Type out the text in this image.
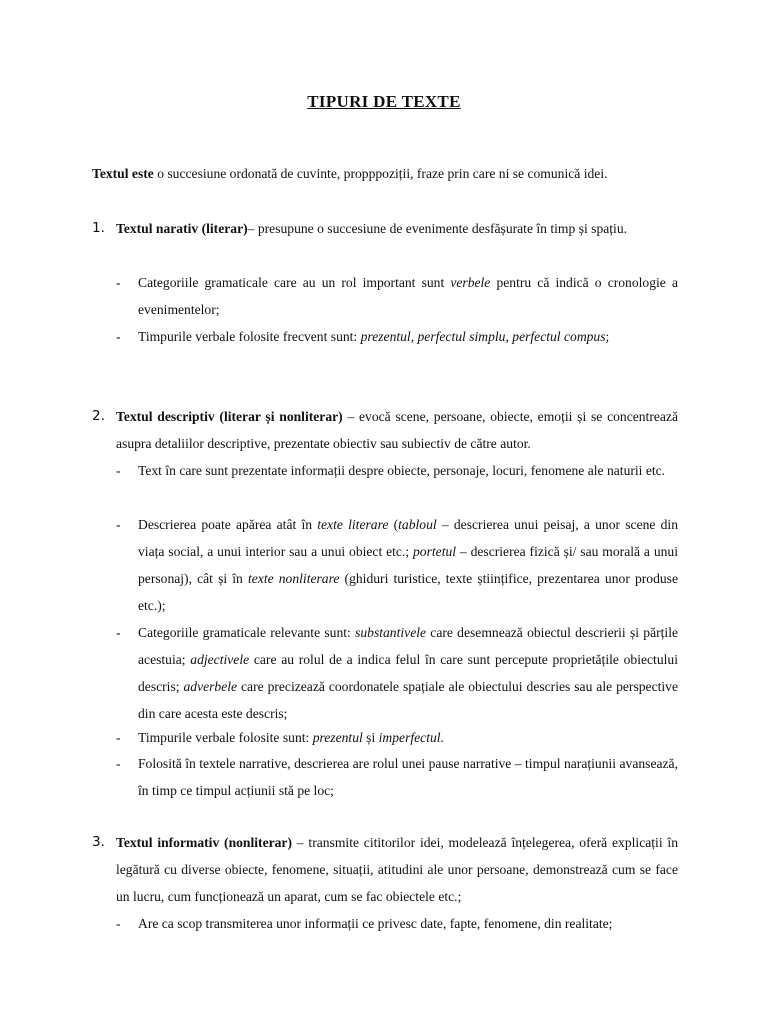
TIPURI DE TEXTE
Textul este o succesiune ordonată de cuvinte, propppoziții, fraze prin care ni se comunică idei.
1. Textul narativ (literar)– presupune o succesiune de evenimente desfășurate în timp și spațiu.
- Categoriile gramaticale care au un rol important sunt verbele pentru că indică o cronologie a evenimentelor;
- Timpurile verbale folosite frecvent sunt: prezentul, perfectul simplu, perfectul compus;
2. Textul descriptiv (literar și nonliterar) – evocă scene, persoane, obiecte, emoții și se concentrează asupra detaliilor descriptive, prezentate obiectiv sau subiectiv de către autor.
- Text în care sunt prezentate informații despre obiecte, personaje, locuri, fenomene ale naturii etc.
- Descrierea poate apărea atât în texte literare (tabloul – descrierea unui peisaj, a unor scene din viața social, a unui interior sau a unui obiect etc.; portetul – descrierea fizică și/ sau morală a unui personaj), cât și în texte nonliterare (ghiduri turistice, texte științifice, prezentarea unor produse etc.);
- Categoriile gramaticale relevante sunt: substantivele care desemnează obiectul descrierii și părțile acestuia; adjectivele care au rolul de a indica felul în care sunt percepute proprietățile obiectului descris; adverbele care precizează coordonatele spațiale ale obiectului descries sau ale perspective din care acesta este descris;
- Timpurile verbale folosite sunt: prezentul și imperfectul.
- Folosită în textele narrative, descrierea are rolul unei pause narrative – timpul narațiunii avansează, în timp ce timpul acțiunii stă pe loc;
3. Textul informativ (nonliterar) – transmite cititorilor idei, modelează înțelegerea, oferă explicații în legătură cu diverse obiecte, fenomene, situații, atitudini ale unor persoane, demonstrează cum se face un lucru, cum funcționează un aparat, cum se fac obiectele etc.;
- Are ca scop transmiterea unor informații ce privesc date, fapte, fenomene, din realitate;
